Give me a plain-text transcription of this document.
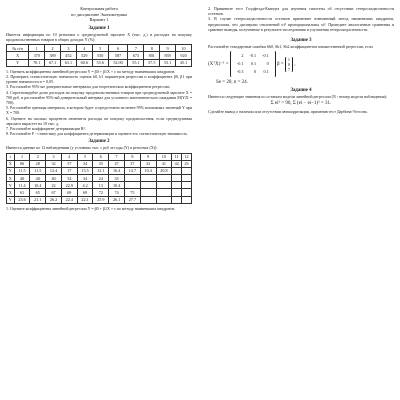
Контрольная работа
по дисциплине Эконометрика
Вариант 1
Задание 1

Имеется информация по 10 регионам о среднедушевой зарплате X (тыс. д.) и расходах на покупку продовольственных товаров в общих доходах Y (%):

№ п/п	1	2	3	4	5	6	7	8	9	10
X	370	389	452	529	550	587	673	801	839	920
Y	70.1	67.1	63.1	60.6	55.6	52.00	55.1	57.5	53.1	45.1

1. Оценить коэффициенты линейной регрессии Y = β0 + β1X + ε по методу наименьших квадратов.

2. Проверить статистическую значимость оценок b0, b1 параметров регрессии и коэффициента β0, β1 при уровне значимости α = 0,05.

3. Рассчитайте 95%-ые доверительные интервалы для теоретических коэффициентов регрессии.

4. Спрогнозируйте долю расходов на покупку продовольственных товаров при среднедушевой зарплате X = 700 руб. и рассчитайте 95%-ый доверительный интервал для условного математического ожидания M(Y|X = 700).

5. Рассчитайте границы интервала, в котором будет сосредоточено не менее 95% возможных значений Y при X = 700.

6. Оцените на сколько процентов изменится расходы на покупку продовольствия, если среднедушевая зарплата вырастет на 10 тыс. д.

7. Рассчитайте коэффициент детерминации R².

8. Рассчитайте F - статистику для коэффициента детерминации и оцените его статистическую значимость.

Задание 2

Имеются данные по 12 наблюдениям (y условных тыс. с руб за годы (Y) в регионах (X)):

i	1	2	3	4	5	6	7	8	9	10	11	12
X	06	28	32	57	34	35	47	37	32	41	42	43
Y	11.5	11.5	12.4	17	13.5	12.1	16.4	14.7	10.4	20.8		
X	40	40	40	52	34	24	35					
Y	11.4	10.4	22	22.9	4.2	13	10.4					
X	61	65	67	69	69	72	74	75				
Y	23.6	21.1	26.2	22.4	22.1	25.9	26.1	27.7				

1. Оцените коэффициенты линейной регрессии Y = β0 + β1X + ε по методу наименьших квадратов.

2. Примените тест Голдфелда-Квандта для изучения гипотезы об отсутствии гетероскедастичности остатков.

3. В случае гетероскедастичности остатков примените взвешенный метод наименьших квадратов, предполагая, что дисперсии отклонений σi² пропорциональны xi². Проведите аналогичные сравнения и сравните выводы, полученные в результате исследования и улучшения гетероскедастичности.

Задание 3

Рассчитайте стандартные ошибки Sb0, Sb1, Sb2 коэффициентов множественной регрессии, если

(XᵀX)⁻¹ = 2	-0.1	-0.1
-0.1	0.1	0
-0.3	0	0.1 β =
1
0
7
,
Se = 20, n = 24.
Задание 4

Имеются следующие значения по остаткам модели линейной регрессии (N - номер модели наблюдения):

Σ ei² = 90, Σ (ei − ei−1)² = 31.

Сделайте вывод о наличии или отсутствии автокорреляции, применив тест Дарбина-Уотсона.
